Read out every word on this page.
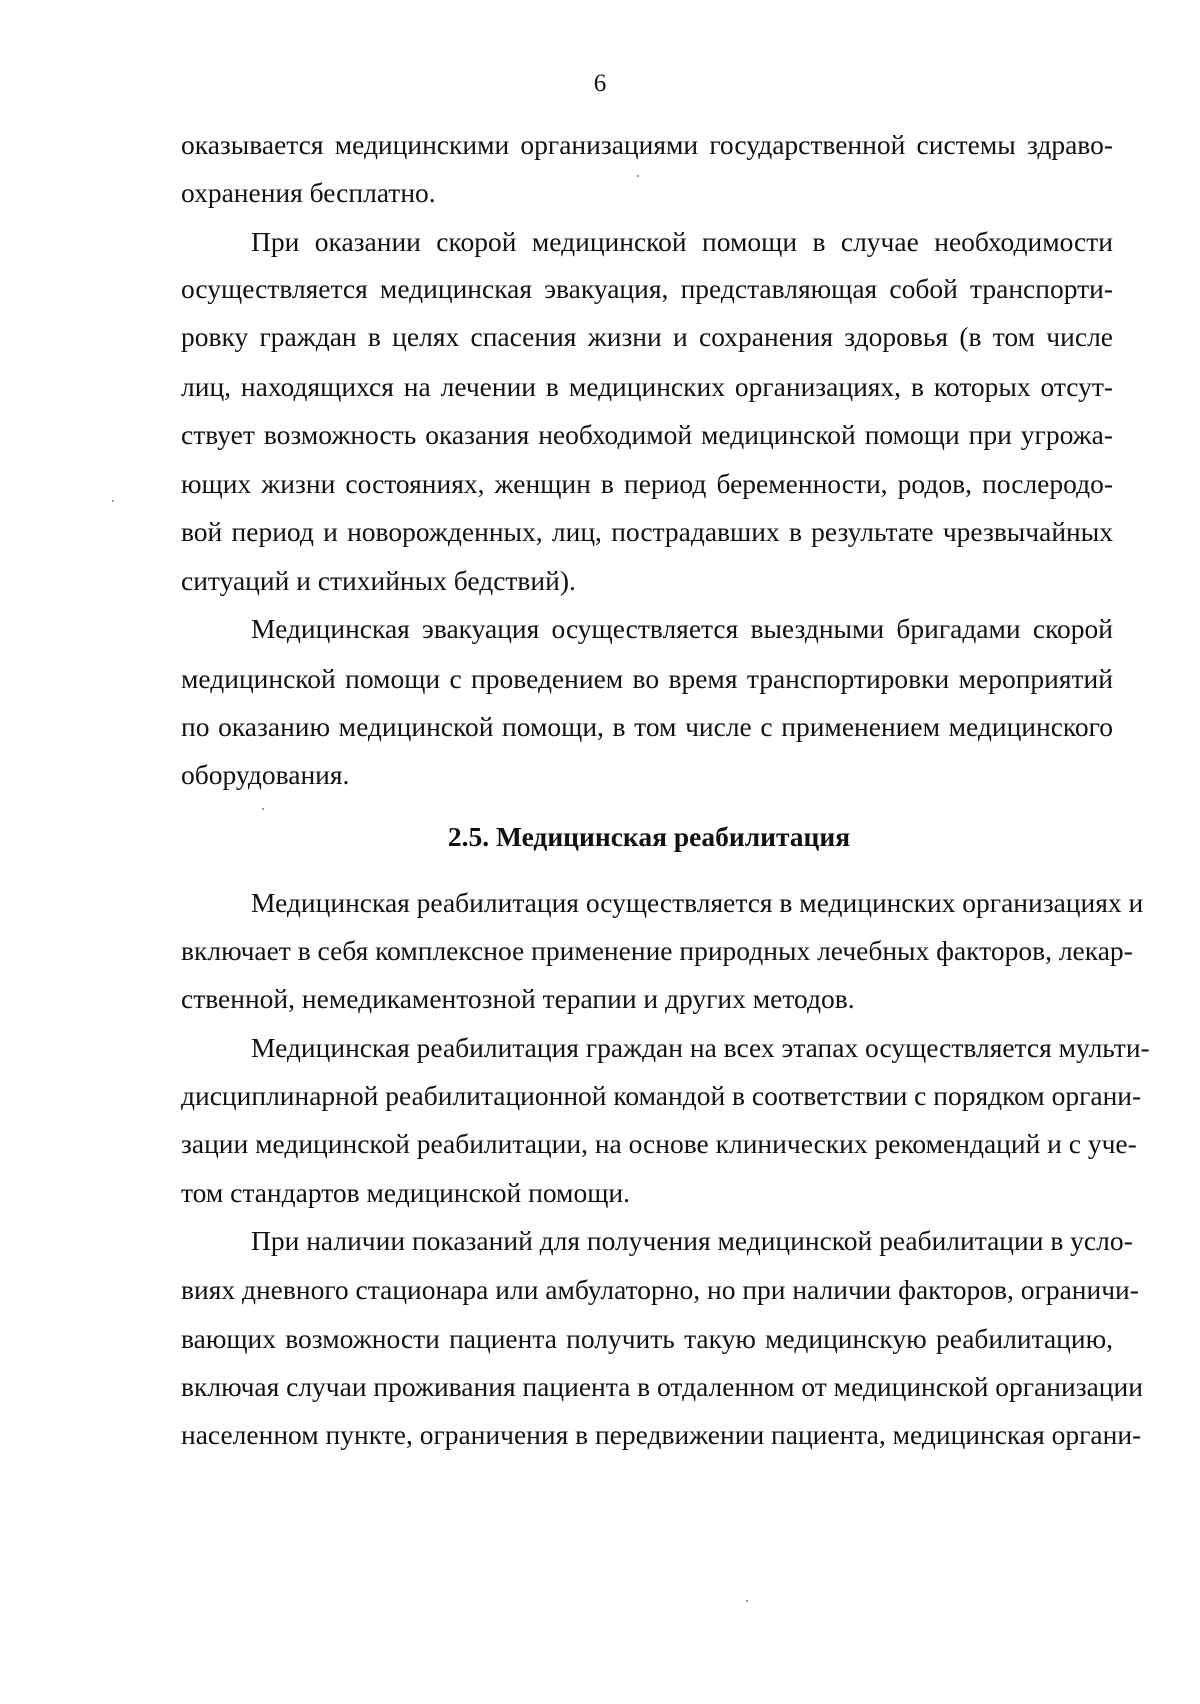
6
оказывается медицинскими организациями государственной системы здраво-
охранения бесплатно.
При оказании скорой медицинской помощи в случае необходимости
осуществляется медицинская эвакуация, представляющая собой транспорти-
ровку граждан в целях спасения жизни и сохранения здоровья (в том числе
лиц, находящихся на лечении в медицинских организациях, в которых отсут-
ствует возможность оказания необходимой медицинской помощи при угрожа-
ющих жизни состояниях, женщин в период беременности, родов, послеродо-
вой период и новорожденных, лиц, пострадавших в результате чрезвычайных
ситуаций и стихийных бедствий).
Медицинская эвакуация осуществляется выездными бригадами скорой
медицинской помощи с проведением во время транспортировки мероприятий
по оказанию медицинской помощи, в том числе с применением медицинского
оборудования.
2.5. Медицинская реабилитация
Медицинская реабилитация осуществляется в медицинских организациях и
включает в себя комплексное применение природных лечебных факторов, лекар-
ственной, немедикаментозной терапии и других методов.
Медицинская реабилитация граждан на всех этапах осуществляется мульти-
дисциплинарной реабилитационной командой в соответствии с порядком органи-
зации медицинской реабилитации, на основе клинических рекомендаций и с уче-
том стандартов медицинской помощи.
При наличии показаний для получения медицинской реабилитации в усло-
виях дневного стационара или амбулаторно, но при наличии факторов, ограничи-
вающих возможности пациента получить такую медицинскую реабилитацию,
включая случаи проживания пациента в отдаленном от медицинской организации
населенном пункте, ограничения в передвижении пациента, медицинская органи-
